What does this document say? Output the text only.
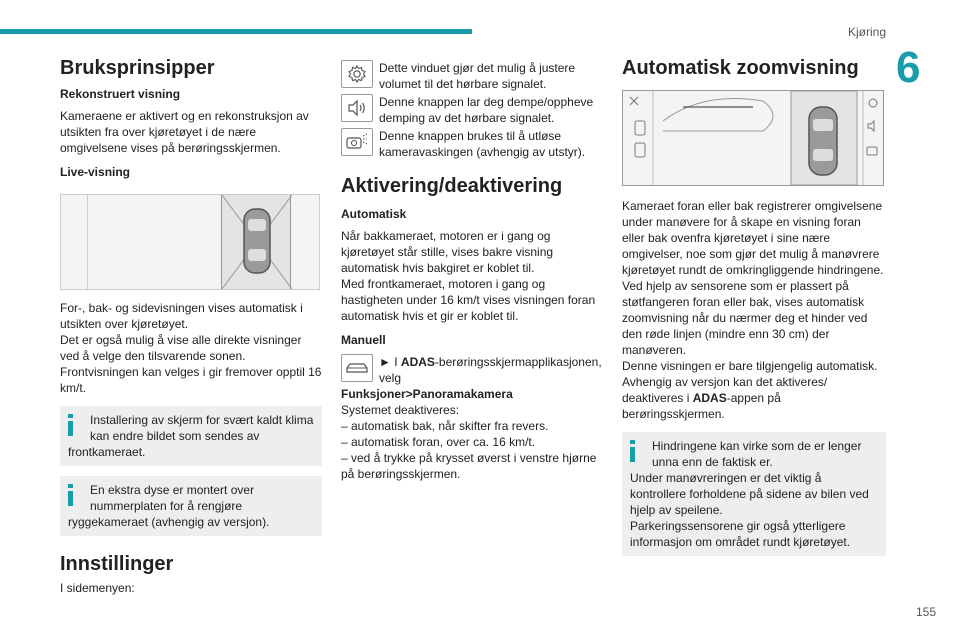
Kjøring
6
155
Bruksprinsipper
Rekonstruert visning

Kameraene er aktivert og en rekonstruksjon av utsikten fra over kjøretøyet i de nære omgivelsene vises på berøringsskjermen.

Live-visning

For-, bak- og sidevisningen vises automatisk i utsikten over kjøretøyet.

Det er også mulig å vise alle direkte visninger ved å velge den tilsvarende sonen.

Frontvisningen kan velges i gir fremover opptil 16 km/t.

Installering av skjerm for svært kaldt klima kan endre bildet som sendes av

frontkameraet.

En ekstra dyse er montert over nummerplaten for å rengjøre

ryggekameraet (avhengig av versjon).

Innstillinger

I sidemenyen:

Dette vinduet gjør det mulig å justere volumet til det hørbare signalet.

Denne knappen lar deg dempe/oppheve demping av det hørbare signalet.

Denne knappen brukes til å utløse kameravaskingen (avhengig av utstyr).

Aktivering/deaktivering
Automatisk

Når bakkameraet, motoren er i gang og kjøretøyet står stille, vises bakre visning automatisk hvis bakgiret er koblet til.

Med frontkameraet, motoren i gang og hastigheten under 16 km/t vises visningen foran automatisk hvis et gir er koblet til.

Manuell

► I ADAS-berøringsskjermapplikasjonen, velg

Funksjoner>Panoramakamera

Systemet deaktiveres:

– automatisk bak, når skifter fra revers.

– automatisk foran, over ca. 16 km/t.

– ved å trykke på krysset øverst i venstre hjørne på berøringsskjermen.

Automatisk zoomvisning

Kameraet foran eller bak registrerer omgivelsene under manøvere for å skape en visning foran eller bak ovenfra kjøretøyet i sine nære omgivelser, noe som gjør det mulig å manøvrere kjøretøyet rundt de omkringliggende hindringene.

Ved hjelp av sensorene som er plassert på støtfangeren foran eller bak, vises automatisk zoomvisning når du nærmer deg et hinder ved den røde linjen (mindre enn 30 cm) der manøveren.

Denne visningen er bare tilgjengelig automatisk.

Avhengig av versjon kan det aktiveres/ deaktiveres i ADAS-appen på berøringsskjermen.

Hindringene kan virke som de er lenger unna enn de faktisk er.

Under manøvreringen er det viktig å kontrollere forholdene på sidene av bilen ved hjelp av speilene.

Parkeringssensorene gir også ytterligere informasjon om området rundt kjøretøyet.
